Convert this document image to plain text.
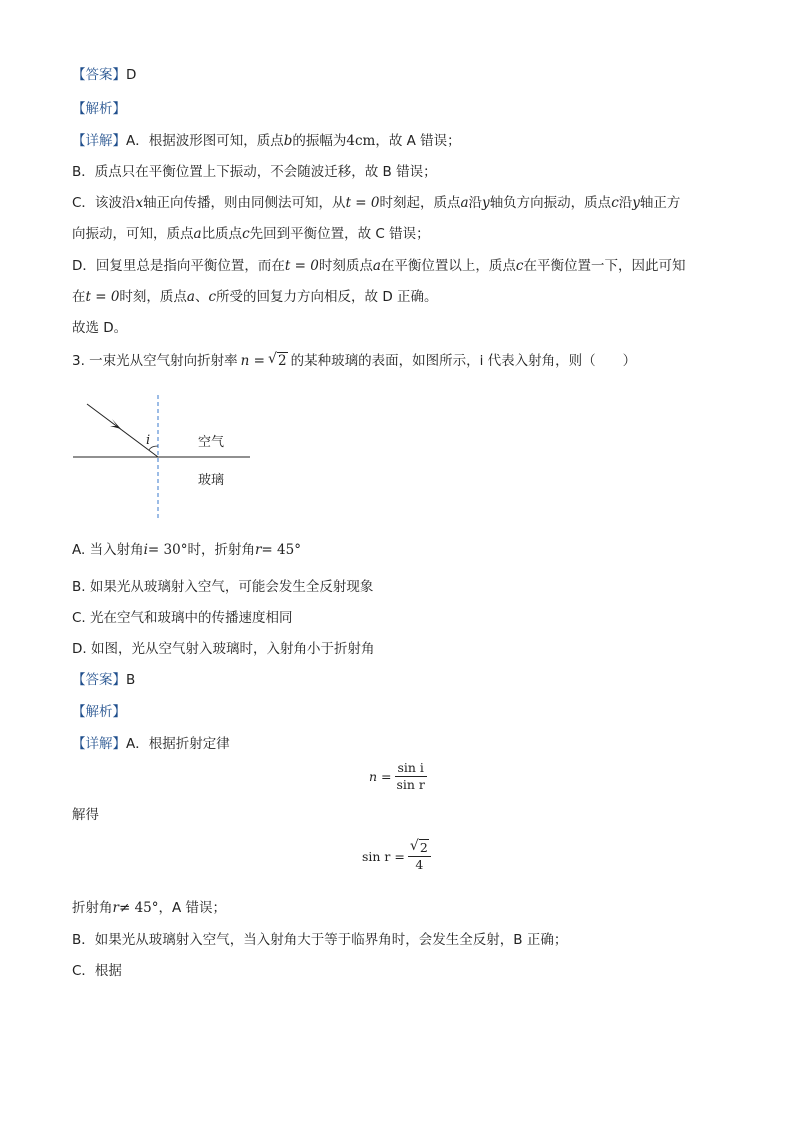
【答案】D
【解析】
【详解】A．根据波形图可知，质点b的振幅为4cm，故 A 错误；
B．质点只在平衡位置上下振动，不会随波迁移，故 B 错误；
C．该波沿x轴正向传播，则由同侧法可知，从t = 0时刻起，质点a沿y轴负方向振动，质点c沿y轴正方
向振动，可知，质点a比质点c先回到平衡位置，故 C 错误；
D．回复里总是指向平衡位置，而在t = 0时刻质点a在平衡位置以上，质点c在平衡位置一下，因此可知
在t = 0时刻，质点a、c所受的回复力方向相反，故 D 正确。
故选 D。
3. 一束光从空气射向折射率 n = √ 2 的某种玻璃的表面，如图所示，i 代表入射角，则（　　）
i	空气
玻璃
A. 当入射角i= 30°时，折射角r= 45°
B. 如果光从玻璃射入空气，可能会发生全反射现象
C. 光在空气和玻璃中的传播速度相同
D. 如图，光从空气射入玻璃时，入射角小于折射角
【答案】B
【解析】
【详解】A．根据折射定律
$n = \frac{\text{sin i}}{\text{sin r}}$
解得
$\sin r = \frac{√ 2}{4}$
折射角r≠ 45°，A 错误；
B．如果光从玻璃射入空气，当入射角大于等于临界角时，会发生全反射，B 正确；
C．根据
